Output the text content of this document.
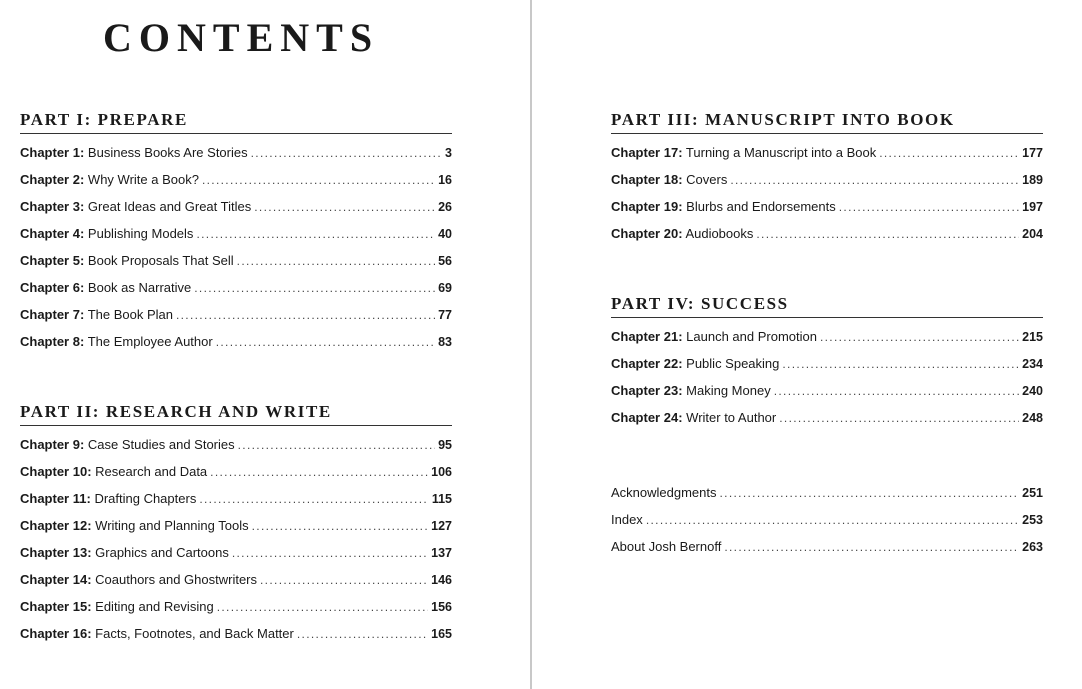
CONTENTS
PART I: PREPARE
Chapter 1: Business Books Are Stories . . .	3
Chapter 2: Why Write a Book? . . .	16
Chapter 3: Great Ideas and Great Titles . . .	26
Chapter 4: Publishing Models . . .	40
Chapter 5: Book Proposals That Sell . . .	56
Chapter 6: Book as Narrative . . .	69
Chapter 7: The Book Plan . . .	77
Chapter 8: The Employee Author . . .	83
PART II: RESEARCH AND WRITE
Chapter 9: Case Studies and Stories . . .	95
Chapter 10: Research and Data . . .	106
Chapter 11: Drafting Chapters . . .	115
Chapter 12: Writing and Planning Tools . . .	127
Chapter 13: Graphics and Cartoons . . .	137
Chapter 14: Coauthors and Ghostwriters . . .	146
Chapter 15: Editing and Revising . . .	156
Chapter 16: Facts, Footnotes, and Back Matter . . .	165
PART III: MANUSCRIPT INTO BOOK
Chapter 17: Turning a Manuscript into a Book . . .	177
Chapter 18: Covers . . .	189
Chapter 19: Blurbs and Endorsements . . .	197
Chapter 20: Audiobooks . . .	204
PART IV: SUCCESS
Chapter 21: Launch and Promotion . . .	215
Chapter 22: Public Speaking . . .	234
Chapter 23: Making Money . . .	240
Chapter 24: Writer to Author . . .	248
Acknowledgments . . .	251
Index . . .	253
About Josh Bernoff . . .	263
